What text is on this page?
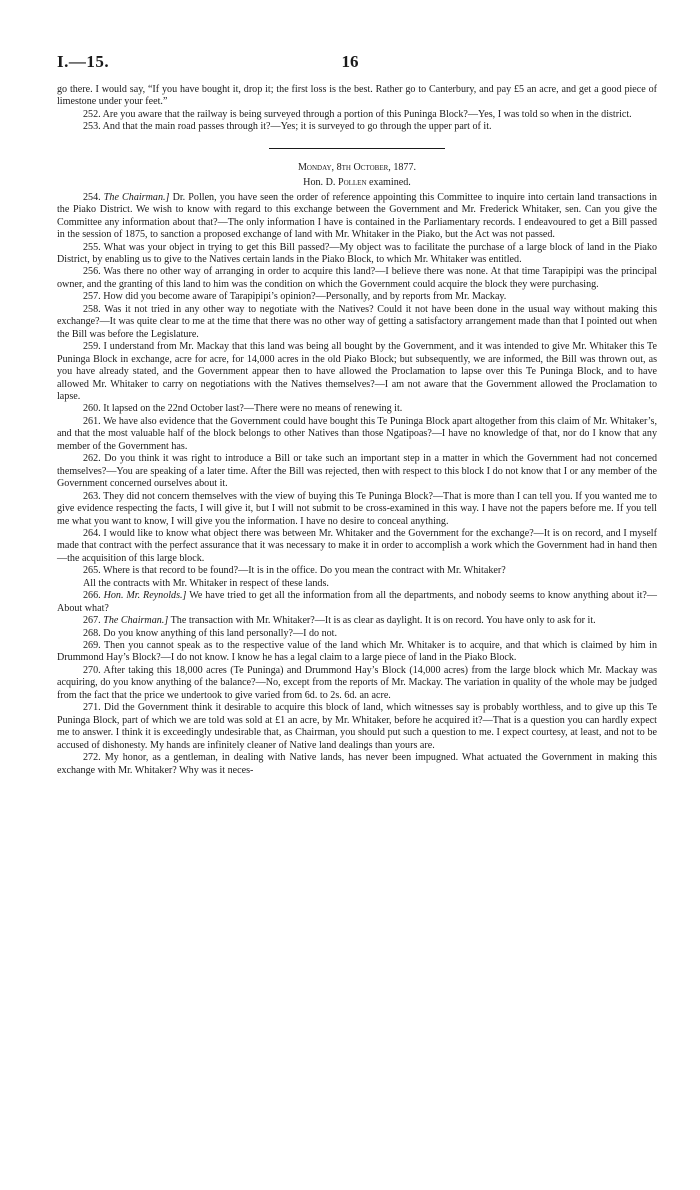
I.—15.	16

go there. I would say, “If you have bought it, drop it; the first loss is the best. Rather go to Canterbury, and pay £5 an acre, and get a good piece of limestone under your feet.”

252. Are you aware that the railway is being surveyed through a portion of this Puninga Block?—Yes, I was told so when in the district.

253. And that the main road passes through it?—Yes; it is surveyed to go through the upper part of it.

Monday, 8th October, 1877.

Hon. D. Pollen examined.

254. The Chairman.] Dr. Pollen, you have seen the order of reference appointing this Committee to inquire into certain land transactions in the Piako District. We wish to know with regard to this exchange between the Government and Mr. Frederick Whitaker, sen. Can you give the Committee any information about that?—The only information I have is contained in the Parliamentary records. I endeavoured to get a Bill passed in the session of 1875, to sanction a proposed exchange of land with Mr. Whitaker in the Piako, but the Act was not passed.

255. What was your object in trying to get this Bill passed?—My object was to facilitate the purchase of a large block of land in the Piako District, by enabling us to give to the Natives certain lands in the Piako Block, to which Mr. Whitaker was entitled.

256. Was there no other way of arranging in order to acquire this land?—I believe there was none. At that time Tarapipipi was the principal owner, and the granting of this land to him was the condition on which the Government could acquire the block they were purchasing.

257. How did you become aware of Tarapipipi’s opinion?—Personally, and by reports from Mr. Mackay.

258. Was it not tried in any other way to negotiate with the Natives? Could it not have been done in the usual way without making this exchange?—It was quite clear to me at the time that there was no other way of getting a satisfactory arrangement made than that I pointed out when the Bill was before the Legislature.

259. I understand from Mr. Mackay that this land was being all bought by the Government, and it was intended to give Mr. Whitaker this Te Puninga Block in exchange, acre for acre, for 14,000 acres in the old Piako Block; but subsequently, we are informed, the Bill was thrown out, as you have already stated, and the Government appear then to have allowed the Proclamation to lapse over this Te Puninga Block, and to have allowed Mr. Whitaker to carry on negotiations with the Natives themselves?—I am not aware that the Government allowed the Proclamation to lapse.

260. It lapsed on the 22nd October last?—There were no means of renewing it.

261. We have also evidence that the Government could have bought this Te Puninga Block apart altogether from this claim of Mr. Whitaker’s, and that the most valuable half of the block belongs to other Natives than those Ngatipoas?—I have no knowledge of that, nor do I know that any member of the Government has.

262. Do you think it was right to introduce a Bill or take such an important step in a matter in which the Government had not concerned themselves?—You are speaking of a later time. After the Bill was rejected, then with respect to this block I do not know that I or any member of the Government concerned ourselves about it.

263. They did not concern themselves with the view of buying this Te Puninga Block?—That is more than I can tell you. If you wanted me to give evidence respecting the facts, I will give it, but I will not submit to be cross-examined in this way. I have not the papers before me. If you tell me what you want to know, I will give you the information. I have no desire to conceal anything.

264. I would like to know what object there was between Mr. Whitaker and the Government for the exchange?—It is on record, and I myself made that contract with the perfect assurance that it was necessary to make it in order to accomplish a work which the Government had in hand then—the acquisition of this large block.

265. Where is that record to be found?—It is in the office. Do you mean the contract with Mr. Whitaker?

All the contracts with Mr. Whitaker in respect of these lands.

266. Hon. Mr. Reynolds.] We have tried to get all the information from all the departments, and nobody seems to know anything about it?—About what?

267. The Chairman.] The transaction with Mr. Whitaker?—It is as clear as daylight. It is on record. You have only to ask for it.

268. Do you know anything of this land personally?—I do not.

269. Then you cannot speak as to the respective value of the land which Mr. Whitaker is to acquire, and that which is claimed by him in Drummond Hay’s Block?—I do not know. I know he has a legal claim to a large piece of land in the Piako Block.

270. After taking this 18,000 acres (Te Puninga) and Drummond Hay’s Block (14,000 acres) from the large block which Mr. Mackay was acquiring, do you know anything of the balance?—No, except from the reports of Mr. Mackay. The variation in quality of the whole may be judged from the fact that the price we undertook to give varied from 6d. to 2s. 6d. an acre.

271. Did the Government think it desirable to acquire this block of land, which witnesses say is probably worthless, and to give up this Te Puninga Block, part of which we are told was sold at £1 an acre, by Mr. Whitaker, before he acquired it?—That is a question you can hardly expect me to answer. I think it is exceedingly undesirable that, as Chairman, you should put such a question to me. I expect courtesy, at least, and not to be accused of dishonesty. My hands are infinitely cleaner of Native land dealings than yours are.

272. My honor, as a gentleman, in dealing with Native lands, has never been impugned. What actuated the Government in making this exchange with Mr. Whitaker? Why was it neces-
